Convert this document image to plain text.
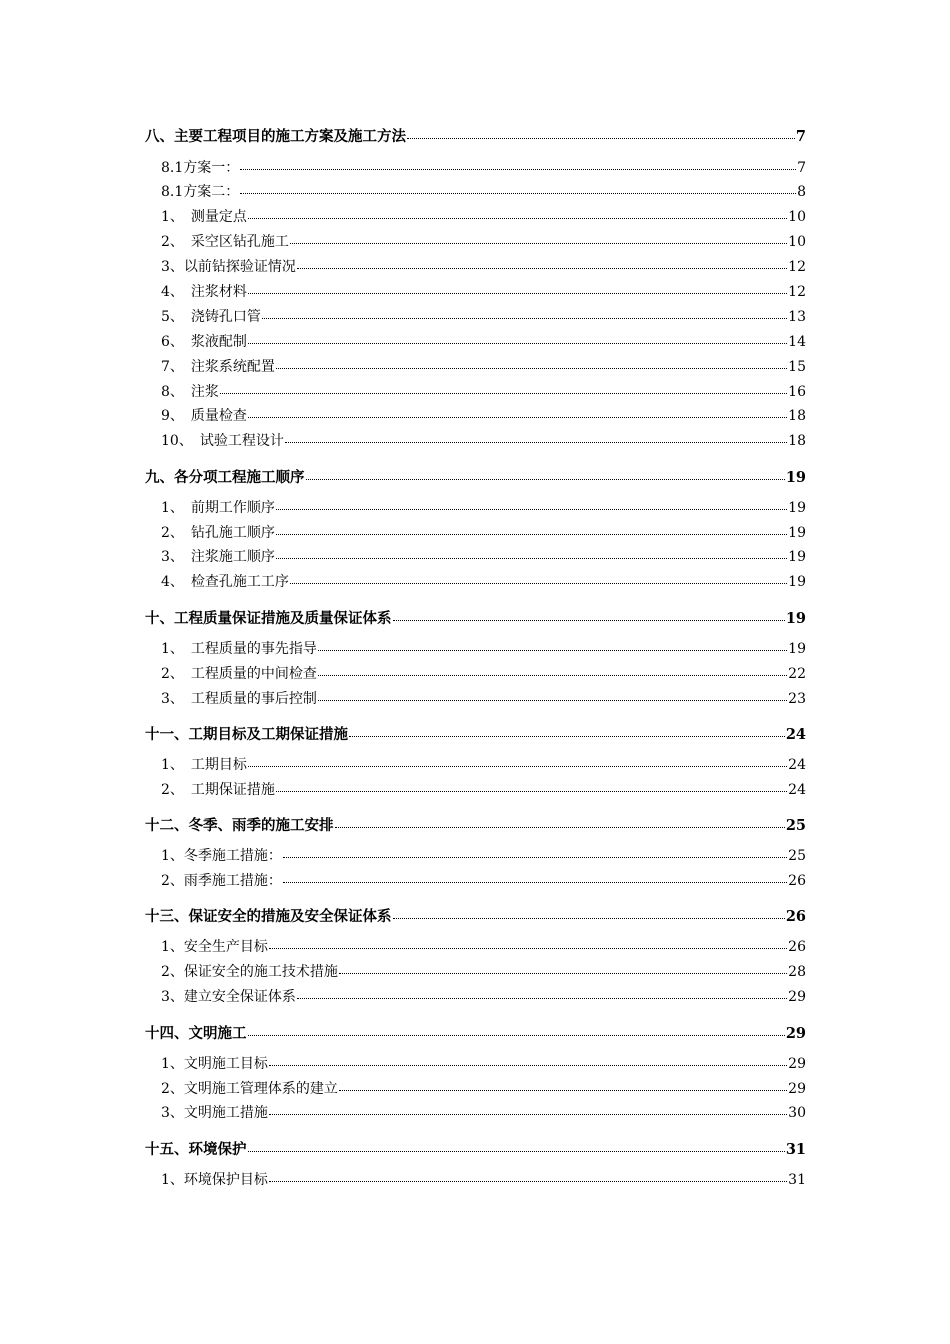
八、主要工程项目的施工方案及施工方法	7
8.1方案一：	7
8.1方案二：	8
1、　测量定点	10
2、　采空区钻孔施工	10
3、以前钻探验证情况	12
4、　注浆材料	12
5、　浇铸孔口管	13
6、　浆液配制	14
7、　注浆系统配置	15
8、　注浆	16
9、　质量检查	18
10、　试验工程设计	18
九、各分项工程施工顺序	19
1、　前期工作顺序	19
2、　钻孔施工顺序	19
3、　注浆施工顺序	19
4、　检查孔施工工序	19
十、工程质量保证措施及质量保证体系	19
1、　工程质量的事先指导	19
2、　工程质量的中间检查	22
3、　工程质量的事后控制	23
十一、工期目标及工期保证措施	24
1、　工期目标	24
2、　工期保证措施	24
十二、冬季、雨季的施工安排	25
1、冬季施工措施：	25
2、雨季施工措施：	26
十三、保证安全的措施及安全保证体系	26
1、安全生产目标	26
2、保证安全的施工技术措施	28
3、建立安全保证体系	29
十四、文明施工	29
1、文明施工目标	29
2、文明施工管理体系的建立	29
3、文明施工措施	30
十五、环境保护	31
1、环境保护目标	31
